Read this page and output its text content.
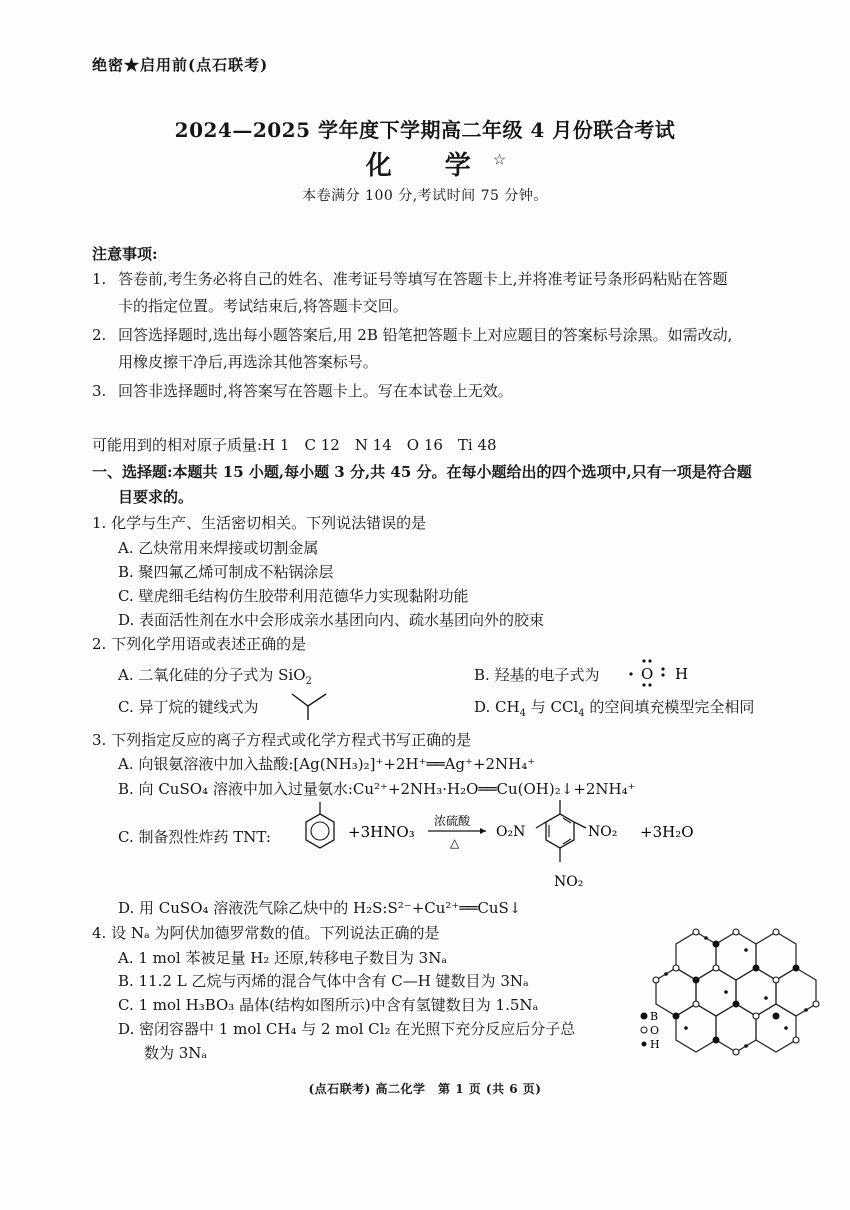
绝密★启用前(点石联考)
2024—2025 学年度下学期高二年级 4 月份联合考试
化 学☆
本卷满分 100 分,考试时间 75 分钟。
注意事项:
1. 答卷前,考生务必将自己的姓名、准考证号等填写在答题卡上,并将准考证号条形码粘贴在答题
卡的指定位置。考试结束后,将答题卡交回。
2. 回答选择题时,选出每小题答案后,用 2B 铅笔把答题卡上对应题目的答案标号涂黑。如需改动,
用橡皮擦干净后,再选涂其他答案标号。
3. 回答非选择题时,将答案写在答题卡上。写在本试卷上无效。
可能用到的相对原子质量:H 1　C 12　N 14　O 16　Ti 48
一、选择题:本题共 15 小题,每小题 3 分,共 45 分。在每小题给出的四个选项中,只有一项是符合题
目要求的。
1. 化学与生产、生活密切相关。下列说法错误的是
A. 乙炔常用来焊接或切割金属
B. 聚四氟乙烯可制成不粘锅涂层
C. 壁虎细毛结构仿生胶带利用范德华力实现黏附功能
D. 表面活性剂在水中会形成亲水基团向内、疏水基团向外的胶束
2. 下列化学用语或表述正确的是
A. 二氧化硅的分子式为 SiO$_2$	B. 羟基的电子式为	O H
C. 异丁烷的键线式为	D. $CH_4$ 与 CCl$_4$ 的空间填充模型完全相同
3. 下列指定反应的离子方程式或化学方程式书写正确的是
A. 向银氨溶液中加入盐酸:[Ag(NH₃)₂]⁺+2H⁺══Ag⁺+2NH₄⁺
B. 向 CuSO₄ 溶液中加入过量氨水:Cu²⁺+2NH₃·H₂O══Cu(OH)₂↓+2NH₄⁺
C. 制备烈性炸药 TNT:	+3HNO₃
浓硫酸
△
O₂N	NO₂
NO₂
+3H₂O
D. 用 CuSO₄ 溶液洗气除乙炔中的 H₂S:S²⁻+Cu²⁺══CuS↓
4. 设 Nₐ 为阿伏加德罗常数的值。下列说法正确的是
A. 1 mol 苯被足量 H₂ 还原,转移电子数目为 3Nₐ
B. 11.2 L 乙烷与丙烯的混合气体中含有 C—H 键数目为 3Nₐ
C. 1 mol H₃BO₃ 晶体(结构如图所示)中含有氢键数目为 1.5Nₐ
D. 密闭容器中 1 mol CH₄ 与 2 mol Cl₂ 在光照下充分反应后分子总
数为 3Nₐ
B
O
H
(点石联考) 高二化学　第 1 页 (共 6 页)
